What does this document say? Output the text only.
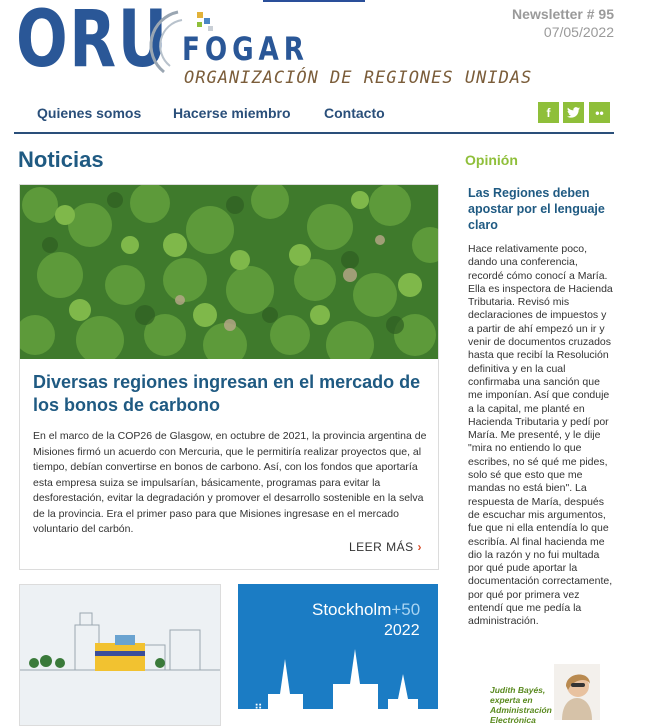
ORU FOGAR
ORGANIZACIÓN DE REGIONES UNIDAS
Newsletter # 95
07/05/2022
Quienes somos Hacerse miembro Contacto	f	••
Noticias
Diversas regiones ingresan en el mercado de los bonos de carbono
En el marco de la COP26 de Glasgow, en octubre de 2021, la provincia argentina de Misiones firmó un acuerdo con Mercuria, que le permitiría realizar proyectos que, al tiempo, debían convertirse en bonos de carbono. Así, con los fondos que aportaría esta empresa suiza se impulsarían, básicamente, programas para evitar la desforestación, evitar la degradación y promover el desarrollo sostenible en la selva de la provincia. Era el primer paso para que Misiones ingresase en el mercado voluntario del carbón.
LEER MÁS ›
Stockholm+50
2022
⠿
Opinión
Las Regiones deben apostar por el lenguaje claro
Hace relativamente poco, dando una conferencia, recordé cómo conocí a María. Ella es inspectora de Hacienda Tributaria. Revisó mis declaraciones de impuestos y a partir de ahí empezó un ir y venir de documentos cruzados hasta que recibí la Resolución definitiva y en la cual confirmaba una sanción que me imponían. Así que conduje a la capital, me planté en Hacienda Tributaria y pedí por María. Me presenté, y le dije "mira no entiendo lo que escribes, no sé qué me pides, solo sé que esto que me mandas no está bien". La respuesta de María, después de escuchar mis argumentos, fue que ni ella entendía lo que escribía. Al final hacienda me dio la razón y no fui multada por qué pude aportar la documentación correctamente, por qué por primera vez entendí que me pedía la administración.
Judith Bayés, experta en Administración Electrónica
